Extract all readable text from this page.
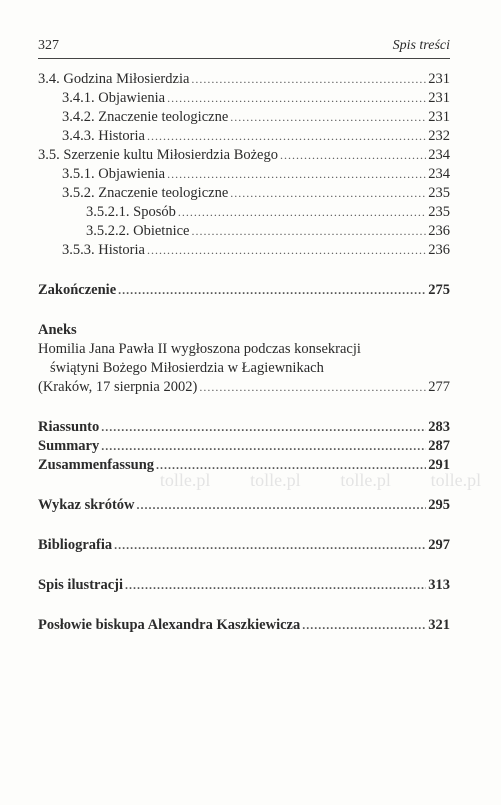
327	Spis treści
tolle.pl tolle.pl tolle.pl tolle.pl
3.4. Godzina Miłosierdzia .....	231
3.4.1. Objawienia .....	231
3.4.2. Znaczenie teologiczne .....	231
3.4.3. Historia .....	232
3.5. Szerzenie kultu Miłosierdzia Bożego .....	234
3.5.1. Objawienia .....	234
3.5.2. Znaczenie teologiczne .....	235
3.5.2.1. Sposób .....	235
3.5.2.2. Obietnice .....	236
3.5.3. Historia .....	236
Zakończenie .....	275
Aneks
Homilia Jana Pawła II wygłoszona podczas konsekracji
świątyni Bożego Miłosierdzia w Łagiewnikach
(Kraków, 17 sierpnia 2002) .....	277
Riassunto .....	283
Summary .....	287
Zusammenfassung .....	291
Wykaz skrótów .....	295
Bibliografia .....	297
Spis ilustracji .....	313
Posłowie biskupa Alexandra Kaszkiewicza .....	321
